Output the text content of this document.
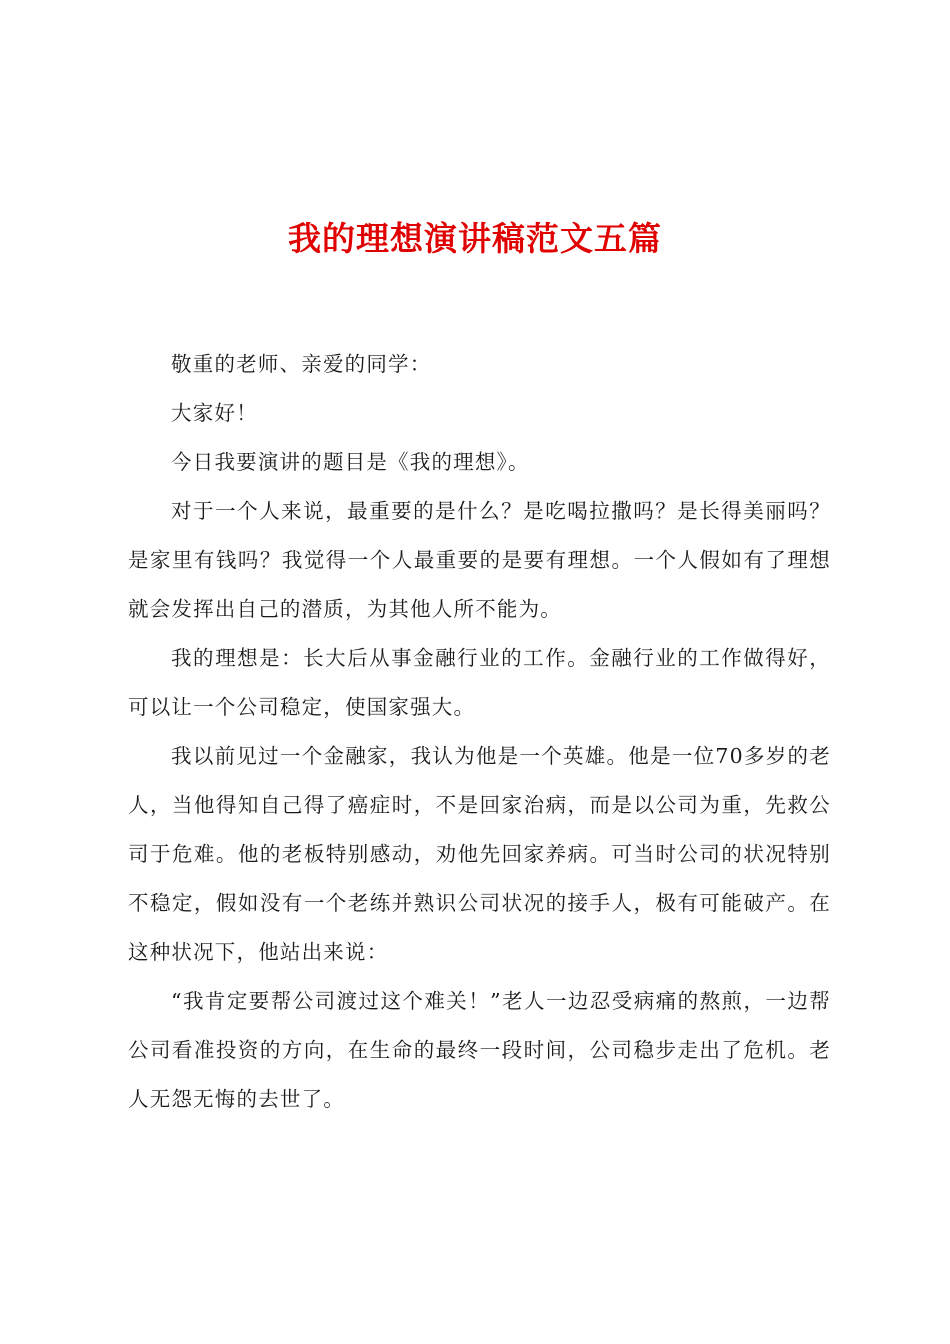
我的理想演讲稿范文五篇

敬重的老师、亲爱的同学：

大家好！

今日我要演讲的题目是《我的理想》。

对于一个人来说，最重要的是什么？是吃喝拉撒吗？是长得美丽吗？是家里有钱吗？我觉得一个人最重要的是要有理想。一个人假如有了理想就会发挥出自己的潜质，为其他人所不能为。

我的理想是：长大后从事金融行业的工作。金融行业的工作做得好，可以让一个公司稳定，使国家强大。

我以前见过一个金融家，我认为他是一个英雄。他是一位70多岁的老人，当他得知自己得了癌症时，不是回家治病，而是以公司为重，先救公司于危难。他的老板特别感动，劝他先回家养病。可当时公司的状况特别不稳定，假如没有一个老练并熟识公司状况的接手人，极有可能破产。在这种状况下，他站出来说：

“我肯定要帮公司渡过这个难关！”老人一边忍受病痛的熬煎，一边帮公司看准投资的方向，在生命的最终一段时间，公司稳步走出了危机。老人无怨无悔的去世了。
